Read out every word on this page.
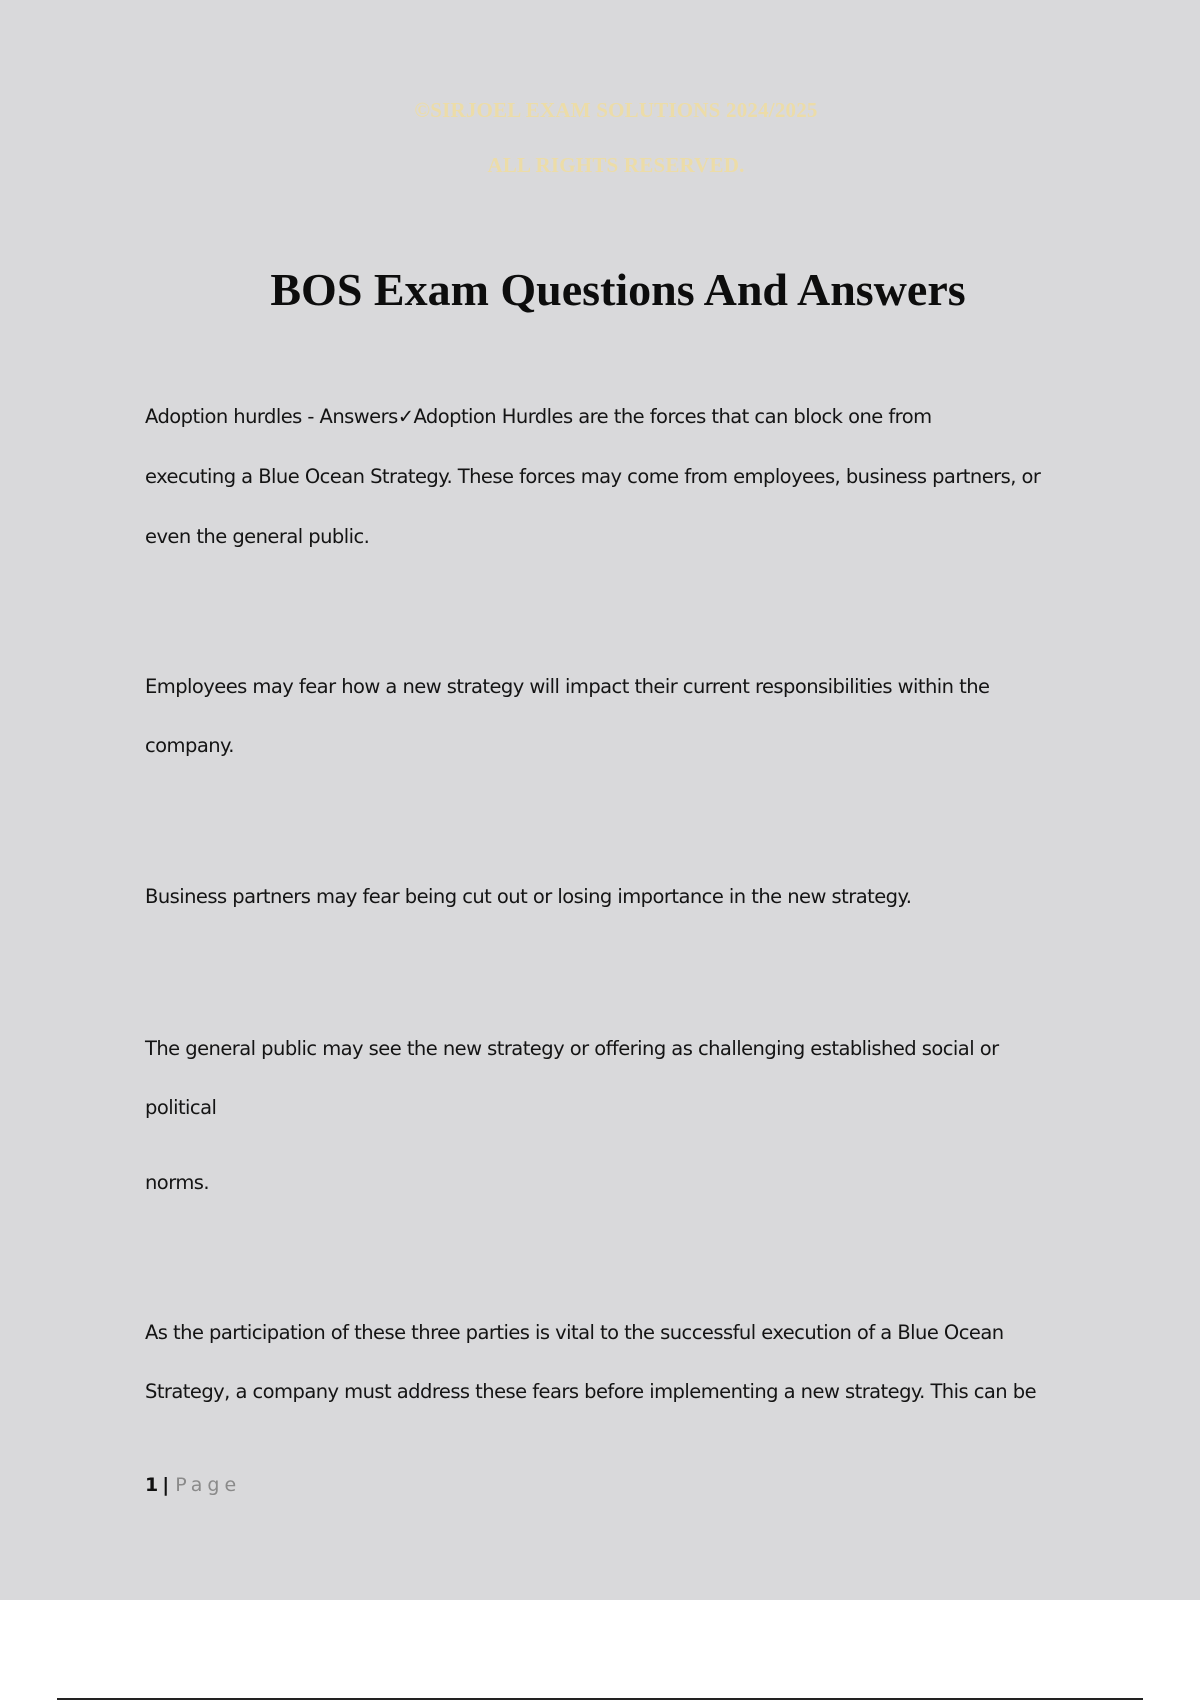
©SIRJOEL EXAM SOLUTIONS 2024/2025
ALL RIGHTS RESERVED.
BOS Exam Questions And Answers
Adoption hurdles - Answers✓Adoption Hurdles are the forces that can block one from
executing a Blue Ocean Strategy. These forces may come from employees, business partners, or
even the general public.
Employees may fear how a new strategy will impact their current responsibilities within the
company.
Business partners may fear being cut out or losing importance in the new strategy.
The general public may see the new strategy or offering as challenging established social or
political
norms.
As the participation of these three parties is vital to the successful execution of a Blue Ocean
Strategy, a company must address these fears before implementing a new strategy. This can be
1 | Page
